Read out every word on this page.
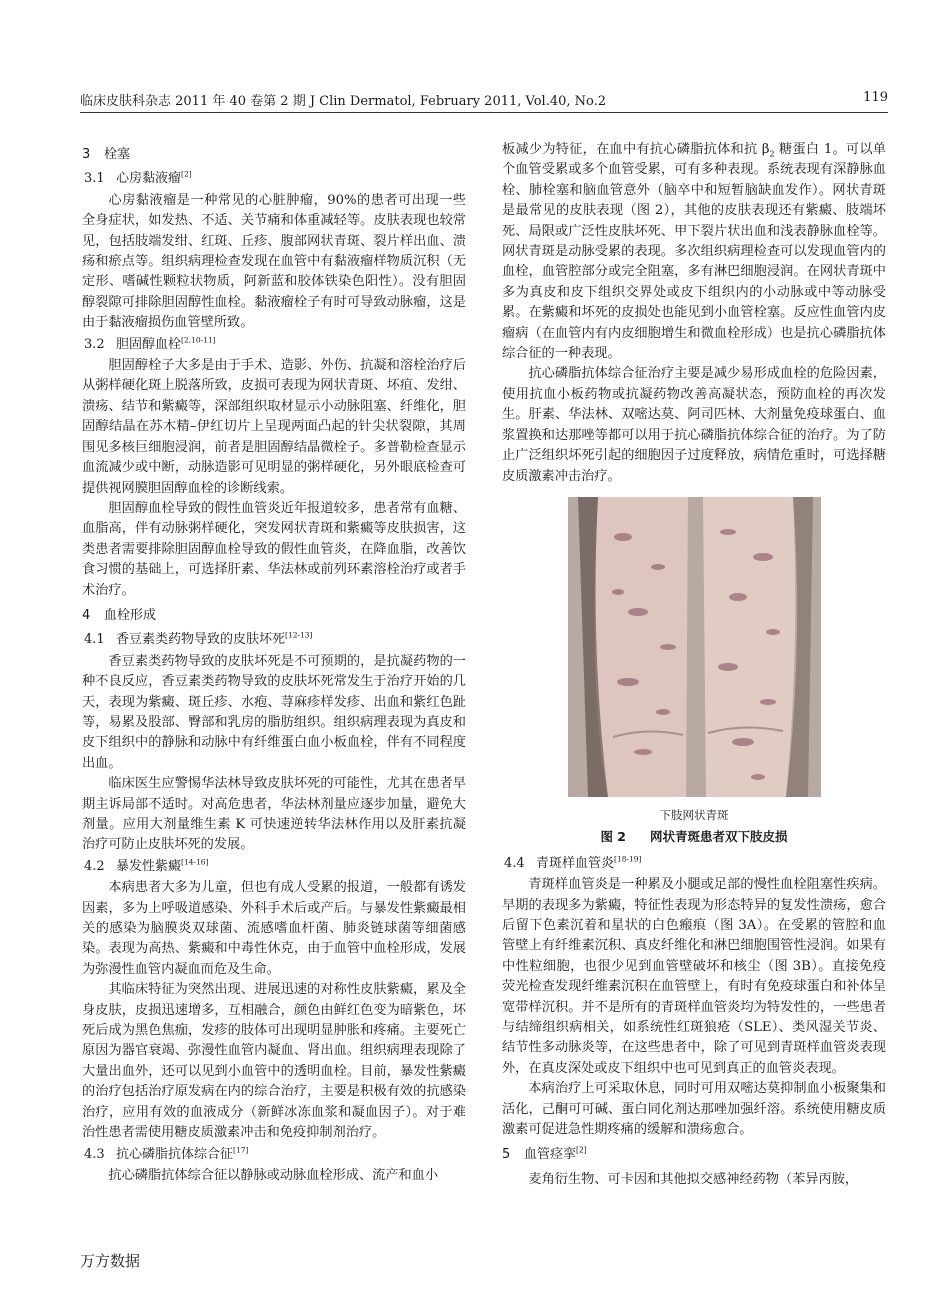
临床皮肤科杂志 2011 年 40 卷第 2 期 J Clin Dermatol, February 2011, Vol.40, No.2	119
3 栓塞
3.1 心房黏液瘤[2]

心房黏液瘤是一种常见的心脏肿瘤，90%的患者可出现一些全身症状，如发热、不适、关节痛和体重减轻等。皮肤表现也较常见，包括肢端发绀、红斑、丘疹、腹部网状青斑、裂片样出血、溃疡和瘀点等。组织病理检查发现在血管中有黏液瘤样物质沉积（无定形、嗜碱性颗粒状物质，阿新蓝和胶体铁染色阳性）。没有胆固醇裂隙可排除胆固醇性血栓。黏液瘤栓子有时可导致动脉瘤，这是由于黏液瘤损伤血管壁所致。

3.2 胆固醇血栓[2,10-11]

胆固醇栓子大多是由于手术、造影、外伤、抗凝和溶栓治疗后从粥样硬化斑上脱落所致，皮损可表现为网状青斑、坏疽、发绀、溃疡、结节和紫癜等，深部组织取材显示小动脉阻塞、纤维化，胆固醇结晶在苏木精–伊红切片上呈现两面凸起的针尖状裂隙，其周围见多核巨细胞浸润，前者是胆固醇结晶微栓子。多普勒检查显示血流减少或中断，动脉造影可见明显的粥样硬化，另外眼底检查可提供视网膜胆固醇血栓的诊断线索。

胆固醇血栓导致的假性血管炎近年报道较多，患者常有血糖、血脂高，伴有动脉粥样硬化，突发网状青斑和紫癜等皮肤损害，这类患者需要排除胆固醇血栓导致的假性血管炎，在降血脂，改善饮食习惯的基础上，可选择肝素、华法林或前列环素溶栓治疗或者手术治疗。

4 血栓形成
4.1 香豆素类药物导致的皮肤坏死[12-13]

香豆素类药物导致的皮肤坏死是不可预期的，是抗凝药物的一种不良反应，香豆素类药物导致的皮肤坏死常发生于治疗开始的几天，表现为紫癜、斑丘疹、水疱、荨麻疹样发疹、出血和紫红色趾等，易累及股部、臀部和乳房的脂肪组织。组织病理表现为真皮和皮下组织中的静脉和动脉中有纤维蛋白血小板血栓，伴有不同程度出血。

临床医生应警惕华法林导致皮肤坏死的可能性，尤其在患者早期主诉局部不适时。对高危患者，华法林剂量应逐步加量，避免大剂量。应用大剂量维生素 K 可快速逆转华法林作用以及肝素抗凝治疗可防止皮肤坏死的发展。

4.2 暴发性紫癜[14-16]

本病患者大多为儿童，但也有成人受累的报道，一般都有诱发因素，多为上呼吸道感染、外科手术后或产后。与暴发性紫癜最相关的感染为脑膜炎双球菌、流感嗜血杆菌、肺炎链球菌等细菌感染。表现为高热、紫癜和中毒性休克，由于血管中血栓形成，发展为弥漫性血管内凝血而危及生命。

其临床特征为突然出现、进展迅速的对称性皮肤紫癜，累及全身皮肤，皮损迅速增多，互相融合，颜色由鲜红色变为暗紫色，坏死后成为黑色焦痂，发疹的肢体可出现明显肿胀和疼痛。主要死亡原因为器官衰竭、弥漫性血管内凝血、肾出血。组织病理表现除了大量出血外，还可以见到小血管中的透明血栓。目前，暴发性紫癜的治疗包括治疗原发病在内的综合治疗，主要是积极有效的抗感染治疗，应用有效的血液成分（新鲜冰冻血浆和凝血因子）。对于难治性患者需使用糖皮质激素冲击和免疫抑制剂治疗。

4.3 抗心磷脂抗体综合征[17]

抗心磷脂抗体综合征以静脉或动脉血栓形成、流产和血小

板减少为特征，在血中有抗心磷脂抗体和抗 $\beta_2$ 糖蛋白 1。可以单个血管受累或多个血管受累，可有多种表现。系统表现有深静脉血栓、肺栓塞和脑血管意外（脑卒中和短暂脑缺血发作）。网状青斑是最常见的皮肤表现（图 2），其他的皮肤表现还有紫癜、肢端坏死、局限或广泛性皮肤坏死、甲下裂片状出血和浅表静脉血栓等。网状青斑是动脉受累的表现。多次组织病理检查可以发现血管内的血栓，血管腔部分或完全阻塞，多有淋巴细胞浸润。在网状青斑中多为真皮和皮下组织交界处或皮下组织内的小动脉或中等动脉受累。在紫癜和坏死的皮损处也能见到小血管栓塞。反应性血管内皮瘤病（在血管内有内皮细胞增生和微血栓形成）也是抗心磷脂抗体综合征的一种表现。

抗心磷脂抗体综合征治疗主要是减少易形成血栓的危险因素，使用抗血小板药物或抗凝药物改善高凝状态，预防血栓的再次发生。肝素、华法林、双嘧达莫、阿司匹林、大剂量免疫球蛋白、血浆置换和达那唑等都可以用于抗心磷脂抗体综合征的治疗。为了防止广泛组织坏死引起的细胞因子过度释放，病情危重时，可选择糖皮质激素冲击治疗。

下肢网状青斑
图 2 网状青斑患者双下肢皮损
4.4 青斑样血管炎[18-19]

青斑样血管炎是一种累及小腿或足部的慢性血栓阻塞性疾病。早期的表现多为紫癜，特征性表现为形态特异的复发性溃疡，愈合后留下色素沉着和星状的白色瘢痕（图 3A）。在受累的管腔和血管壁上有纤维素沉积、真皮纤维化和淋巴细胞围管性浸润。如果有中性粒细胞，也很少见到血管壁破坏和核尘（图 3B）。直接免疫荧光检查发现纤维素沉积在血管壁上，有时有免疫球蛋白和补体呈宽带样沉积。并不是所有的青斑样血管炎均为特发性的，一些患者与结缔组织病相关，如系统性红斑狼疮（SLE）、类风湿关节炎、结节性多动脉炎等，在这些患者中，除了可见到青斑样血管炎表现外，在真皮深处或皮下组织中也可见到真正的血管炎表现。

本病治疗上可采取休息，同时可用双嘧达莫抑制血小板聚集和活化，己酮可可碱、蛋白同化剂达那唑加强纤溶。系统使用糖皮质激素可促进急性期疼痛的缓解和溃疡愈合。

5 血管痉挛[2]

麦角衍生物、可卡因和其他拟交感神经药物（苯异丙胺，

万方数据
